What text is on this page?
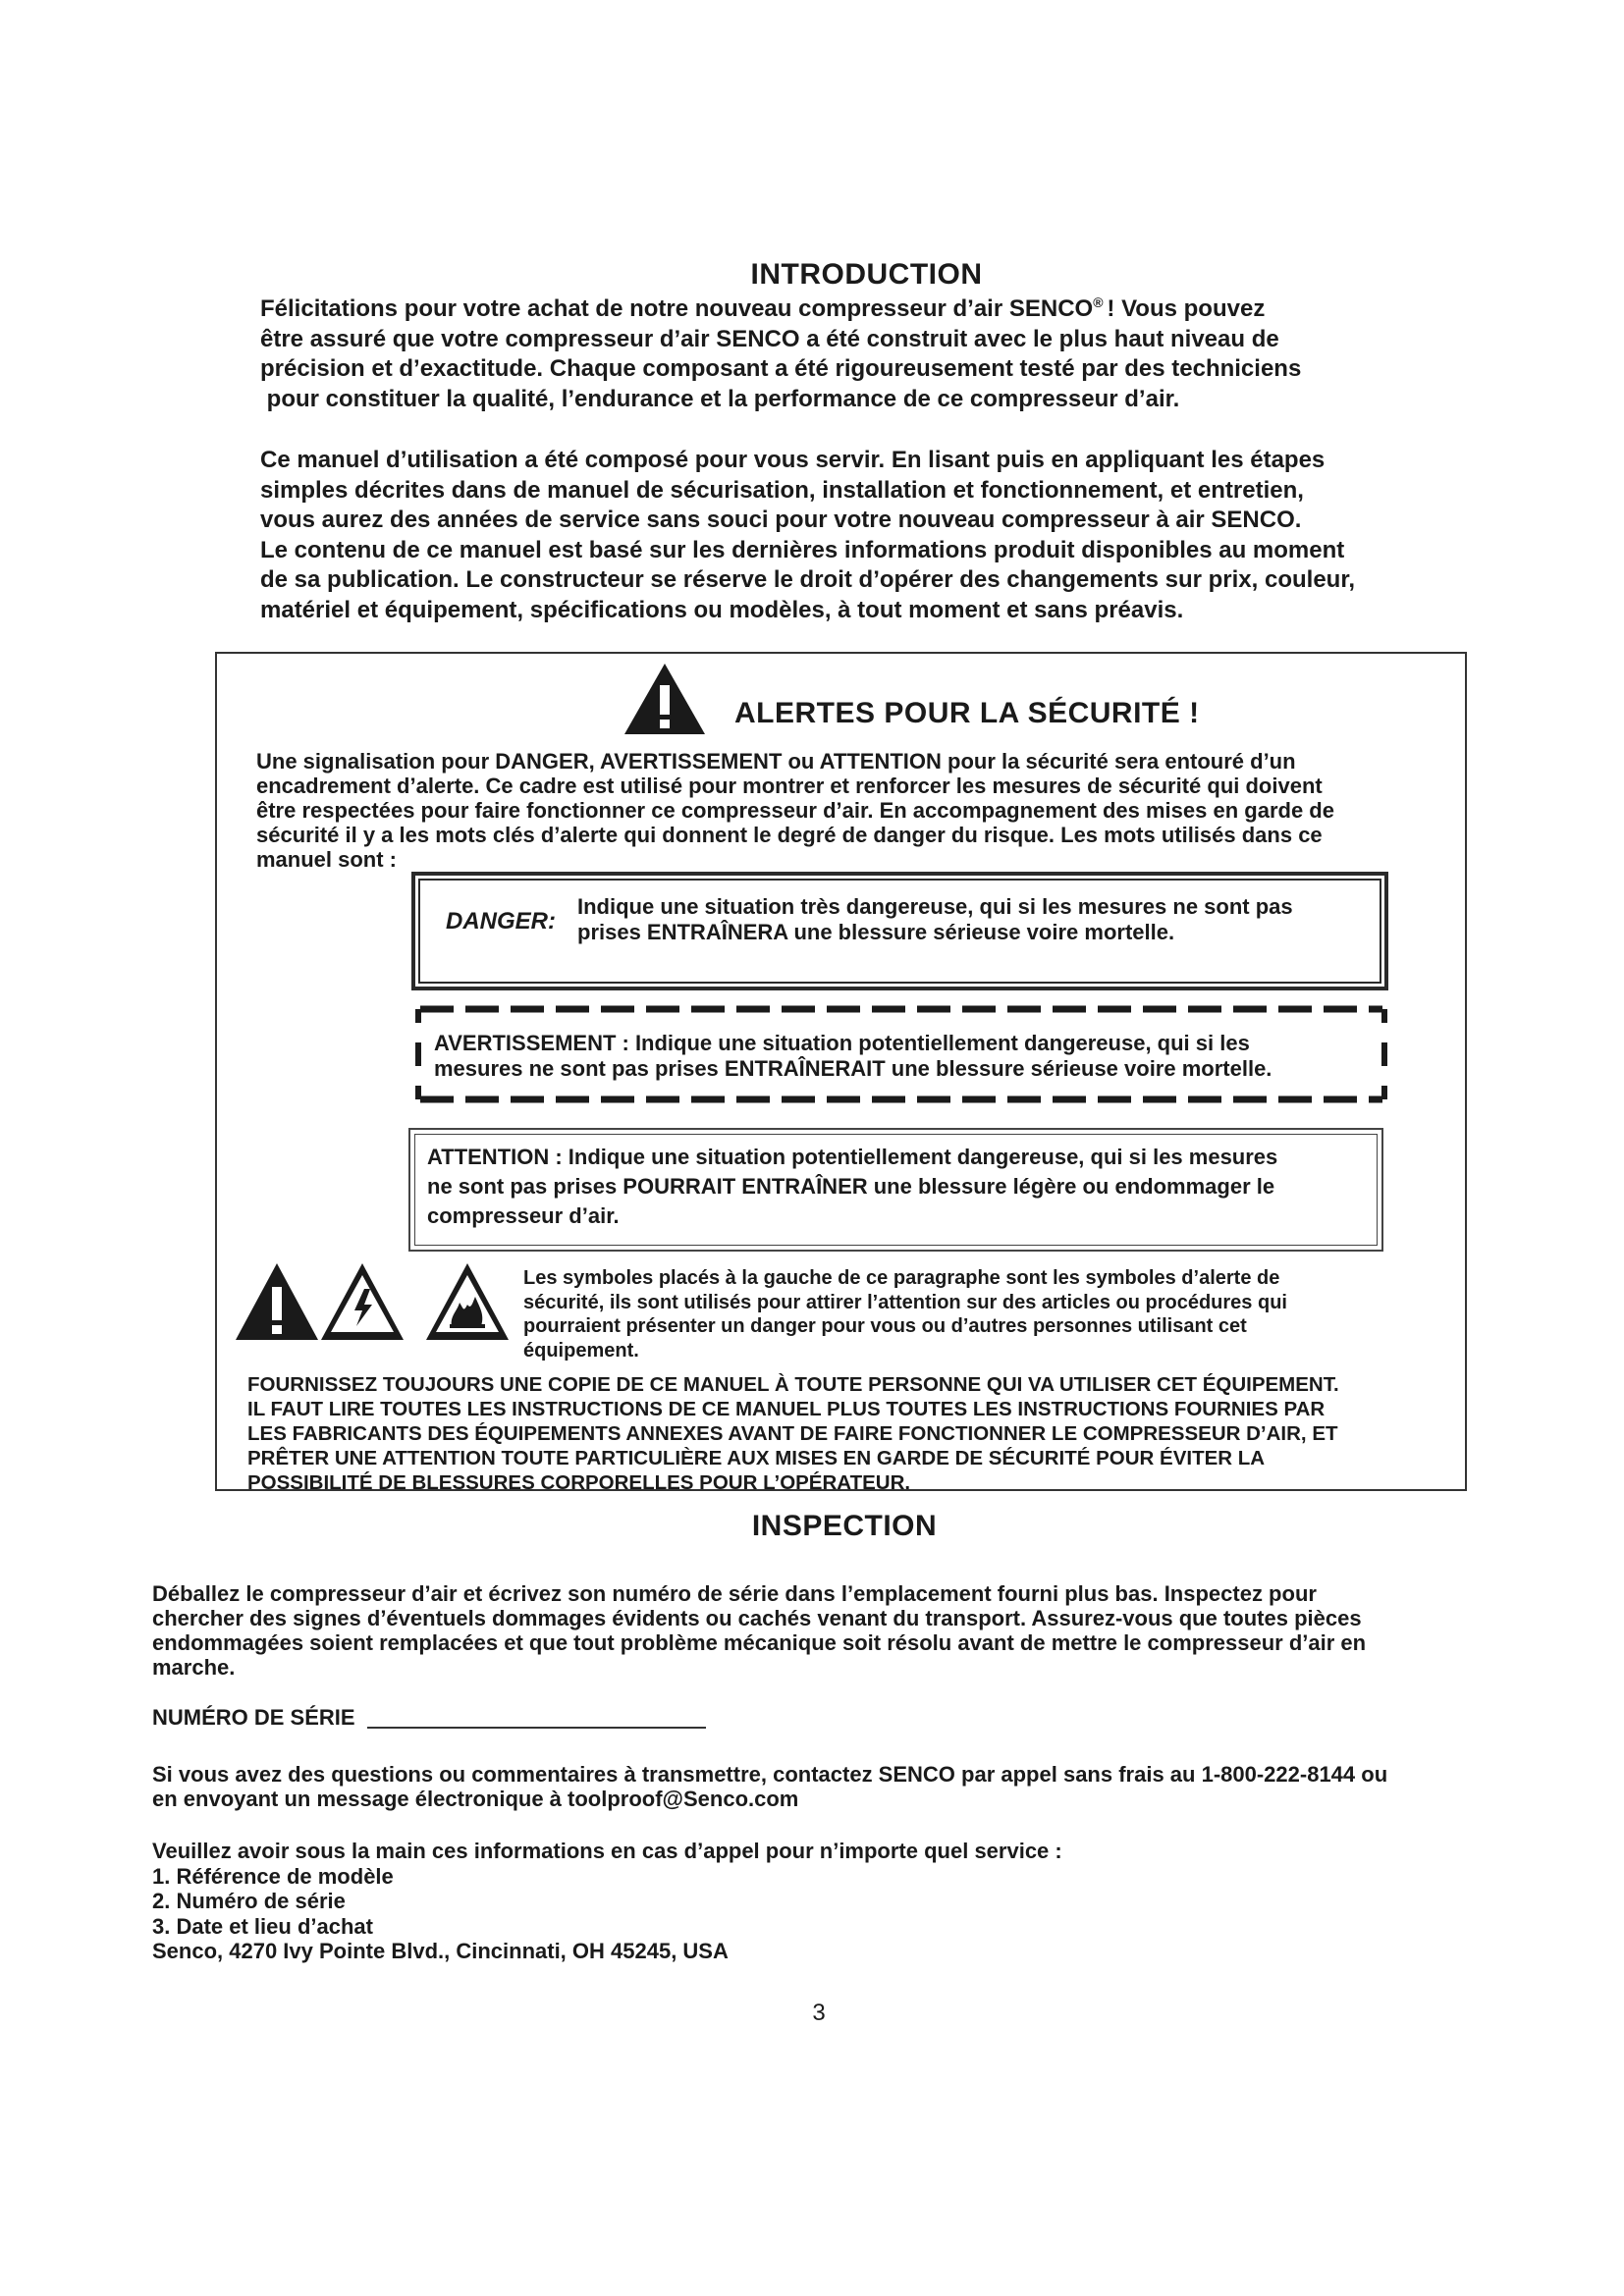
INTRODUCTION
Félicitations pour votre achat de notre nouveau compresseur d’air SENCO® ! Vous pouvez
être assuré que votre compresseur d’air SENCO a été construit avec le plus haut niveau de
précision et d’exactitude. Chaque composant a été rigoureusement testé par des techniciens
pour constituer la qualité, l’endurance et la performance de ce compresseur d’air.
Ce manuel d’utilisation a été composé pour vous servir. En lisant puis en appliquant les étapes
simples décrites dans de manuel de sécurisation, installation et fonctionnement, et entretien,
vous aurez des années de service sans souci pour votre nouveau compresseur à air SENCO.
Le contenu de ce manuel est basé sur les dernières informations produit disponibles au moment
de sa publication. Le constructeur se réserve le droit d’opérer des changements sur prix, couleur,
matériel et équipement, spécifications ou modèles, à tout moment et sans préavis.
ALERTES POUR LA SÉCURITÉ !
Une signalisation pour DANGER, AVERTISSEMENT ou ATTENTION pour la sécurité sera entouré d’un
encadrement d’alerte. Ce cadre est utilisé pour montrer et renforcer les mesures de sécurité qui doivent
être respectées pour faire fonctionner ce compresseur d’air. En accompagnement des mises en garde de
sécurité il y a les mots clés d’alerte qui donnent le degré de danger du risque. Les mots utilisés dans ce
manuel sont :
DANGER:
Indique une situation très dangereuse, qui si les mesures ne sont pas
prises ENTRAÎNERA une blessure sérieuse voire mortelle.
AVERTISSEMENT : Indique une situation potentiellement dangereuse, qui si les
mesures ne sont pas prises ENTRAÎNERAIT une blessure sérieuse voire mortelle.
ATTENTION : Indique une situation potentiellement dangereuse, qui si les mesures
ne sont pas prises POURRAIT ENTRAÎNER une blessure légère ou endommager le
compresseur d’air.
Les symboles placés à la gauche de ce paragraphe sont les symboles d’alerte de
sécurité, ils sont utilisés pour attirer l’attention sur des articles ou procédures qui
pourraient présenter un danger pour vous ou d’autres personnes utilisant cet
équipement.
FOURNISSEZ TOUJOURS UNE COPIE DE CE MANUEL À TOUTE PERSONNE QUI VA UTILISER CET ÉQUIPEMENT.
IL FAUT LIRE TOUTES LES INSTRUCTIONS DE CE MANUEL PLUS TOUTES LES INSTRUCTIONS FOURNIES PAR
LES FABRICANTS DES ÉQUIPEMENTS ANNEXES AVANT DE FAIRE FONCTIONNER LE COMPRESSEUR D’AIR, ET
PRÊTER UNE ATTENTION TOUTE PARTICULIÈRE AUX MISES EN GARDE DE SÉCURITÉ POUR ÉVITER LA
POSSIBILITÉ DE BLESSURES CORPORELLES POUR L’OPÉRATEUR.
INSPECTION
Déballez le compresseur d’air et écrivez son numéro de série dans l’emplacement fourni plus bas. Inspectez pour
chercher des signes d’éventuels dommages évidents ou cachés venant du transport. Assurez-vous que toutes pièces
endommagées soient remplacées et que tout problème mécanique soit résolu avant de mettre le compresseur d’air en
marche.
NUMÉRO DE SÉRIE
Si vous avez des questions ou commentaires à transmettre, contactez SENCO par appel sans frais au 1-800-222-8144 ou
en envoyant un message électronique à toolproof@Senco.com
Veuillez avoir sous la main ces informations en cas d’appel pour n’importe quel service :
1. Référence de modèle
2. Numéro de série
3. Date et lieu d’achat
Senco, 4270 Ivy Pointe Blvd., Cincinnati, OH 45245, USA
3
